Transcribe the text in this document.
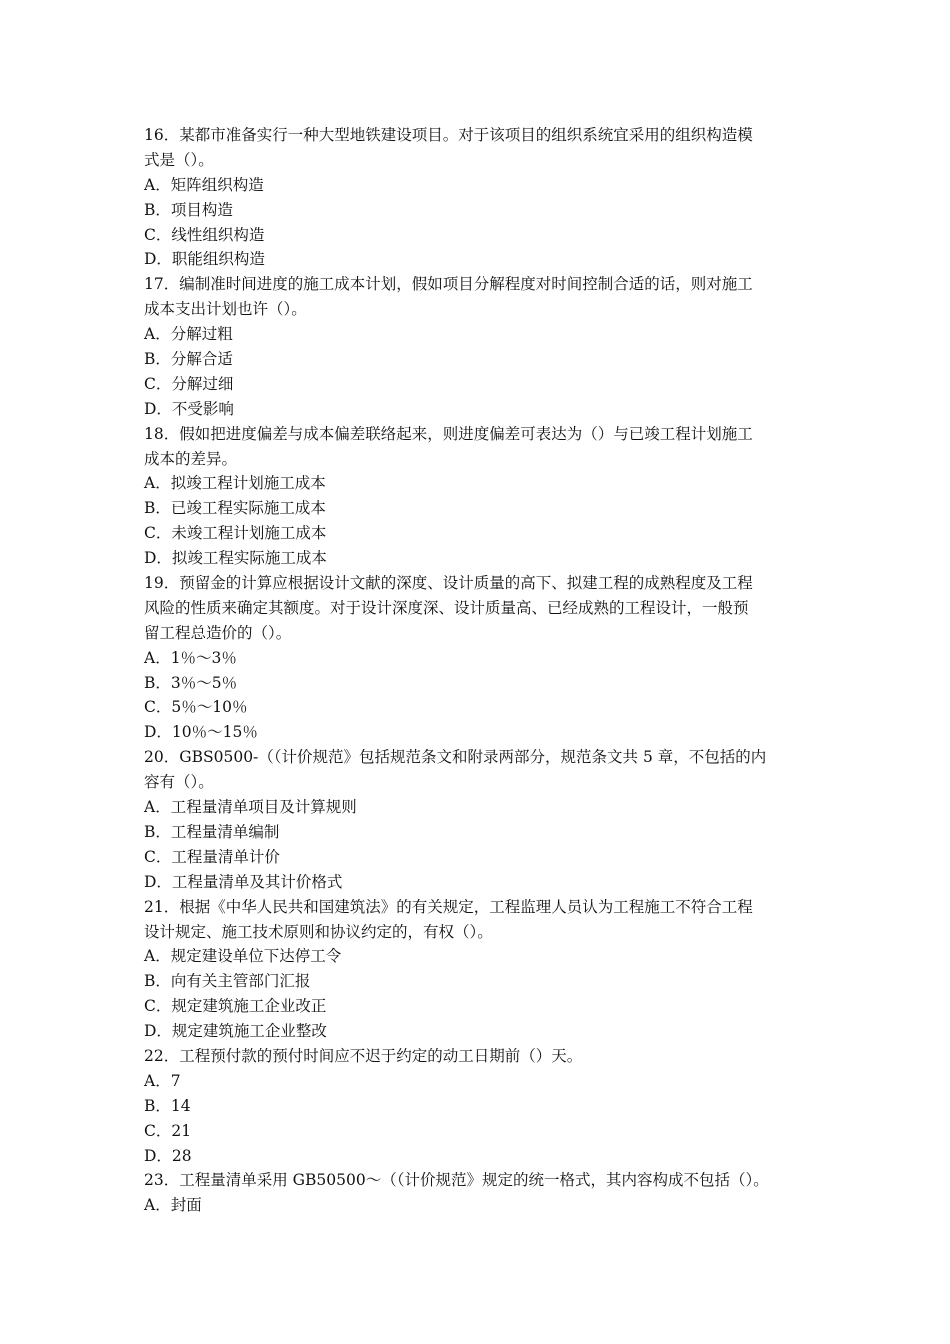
16．某都市准备实行一种大型地铁建设项目。对于该项目的组织系统宜采用的组织构造模
式是（）。
A．矩阵组织构造
B．项目构造
C．线性组织构造
D．职能组织构造
17．编制准时间进度的施工成本计划，假如项目分解程度对时间控制合适的话，则对施工
成本支出计划也许（）。
A．分解过粗
B．分解合适
C．分解过细
D．不受影响
18．假如把进度偏差与成本偏差联络起来，则进度偏差可表达为（）与已竣工程计划施工
成本的差异。
A．拟竣工程计划施工成本
B．已竣工程实际施工成本
C．未竣工程计划施工成本
D．拟竣工程实际施工成本
19．预留金的计算应根据设计文献的深度、设计质量的高下、拟建工程的成熟程度及工程
风险的性质来确定其额度。对于设计深度深、设计质量高、已经成熟的工程设计，一般预
留工程总造价的（）。
A．1％～3％
B．3％～5％
C．5％～10％
D．10％～15％
20．GBS0500-（（计价规范》包括规范条文和附录两部分，规范条文共 5 章，不包括的内
容有（）。
A．工程量清单项目及计算规则
B．工程量清单编制
C．工程量清单计价
D．工程量清单及其计价格式
21．根据《中华人民共和国建筑法》的有关规定，工程监理人员认为工程施工不符合工程
设计规定、施工技术原则和协议约定的，有权（）。
A．规定建设单位下达停工令
B．向有关主管部门汇报
C．规定建筑施工企业改正
D．规定建筑施工企业整改
22．工程预付款的预付时间应不迟于约定的动工日期前（）天。
A．7
B．14
C．21
D．28
23．工程量清单采用 GB50500～（（计价规范》规定的统一格式，其内容构成不包括（）。
A．封面
